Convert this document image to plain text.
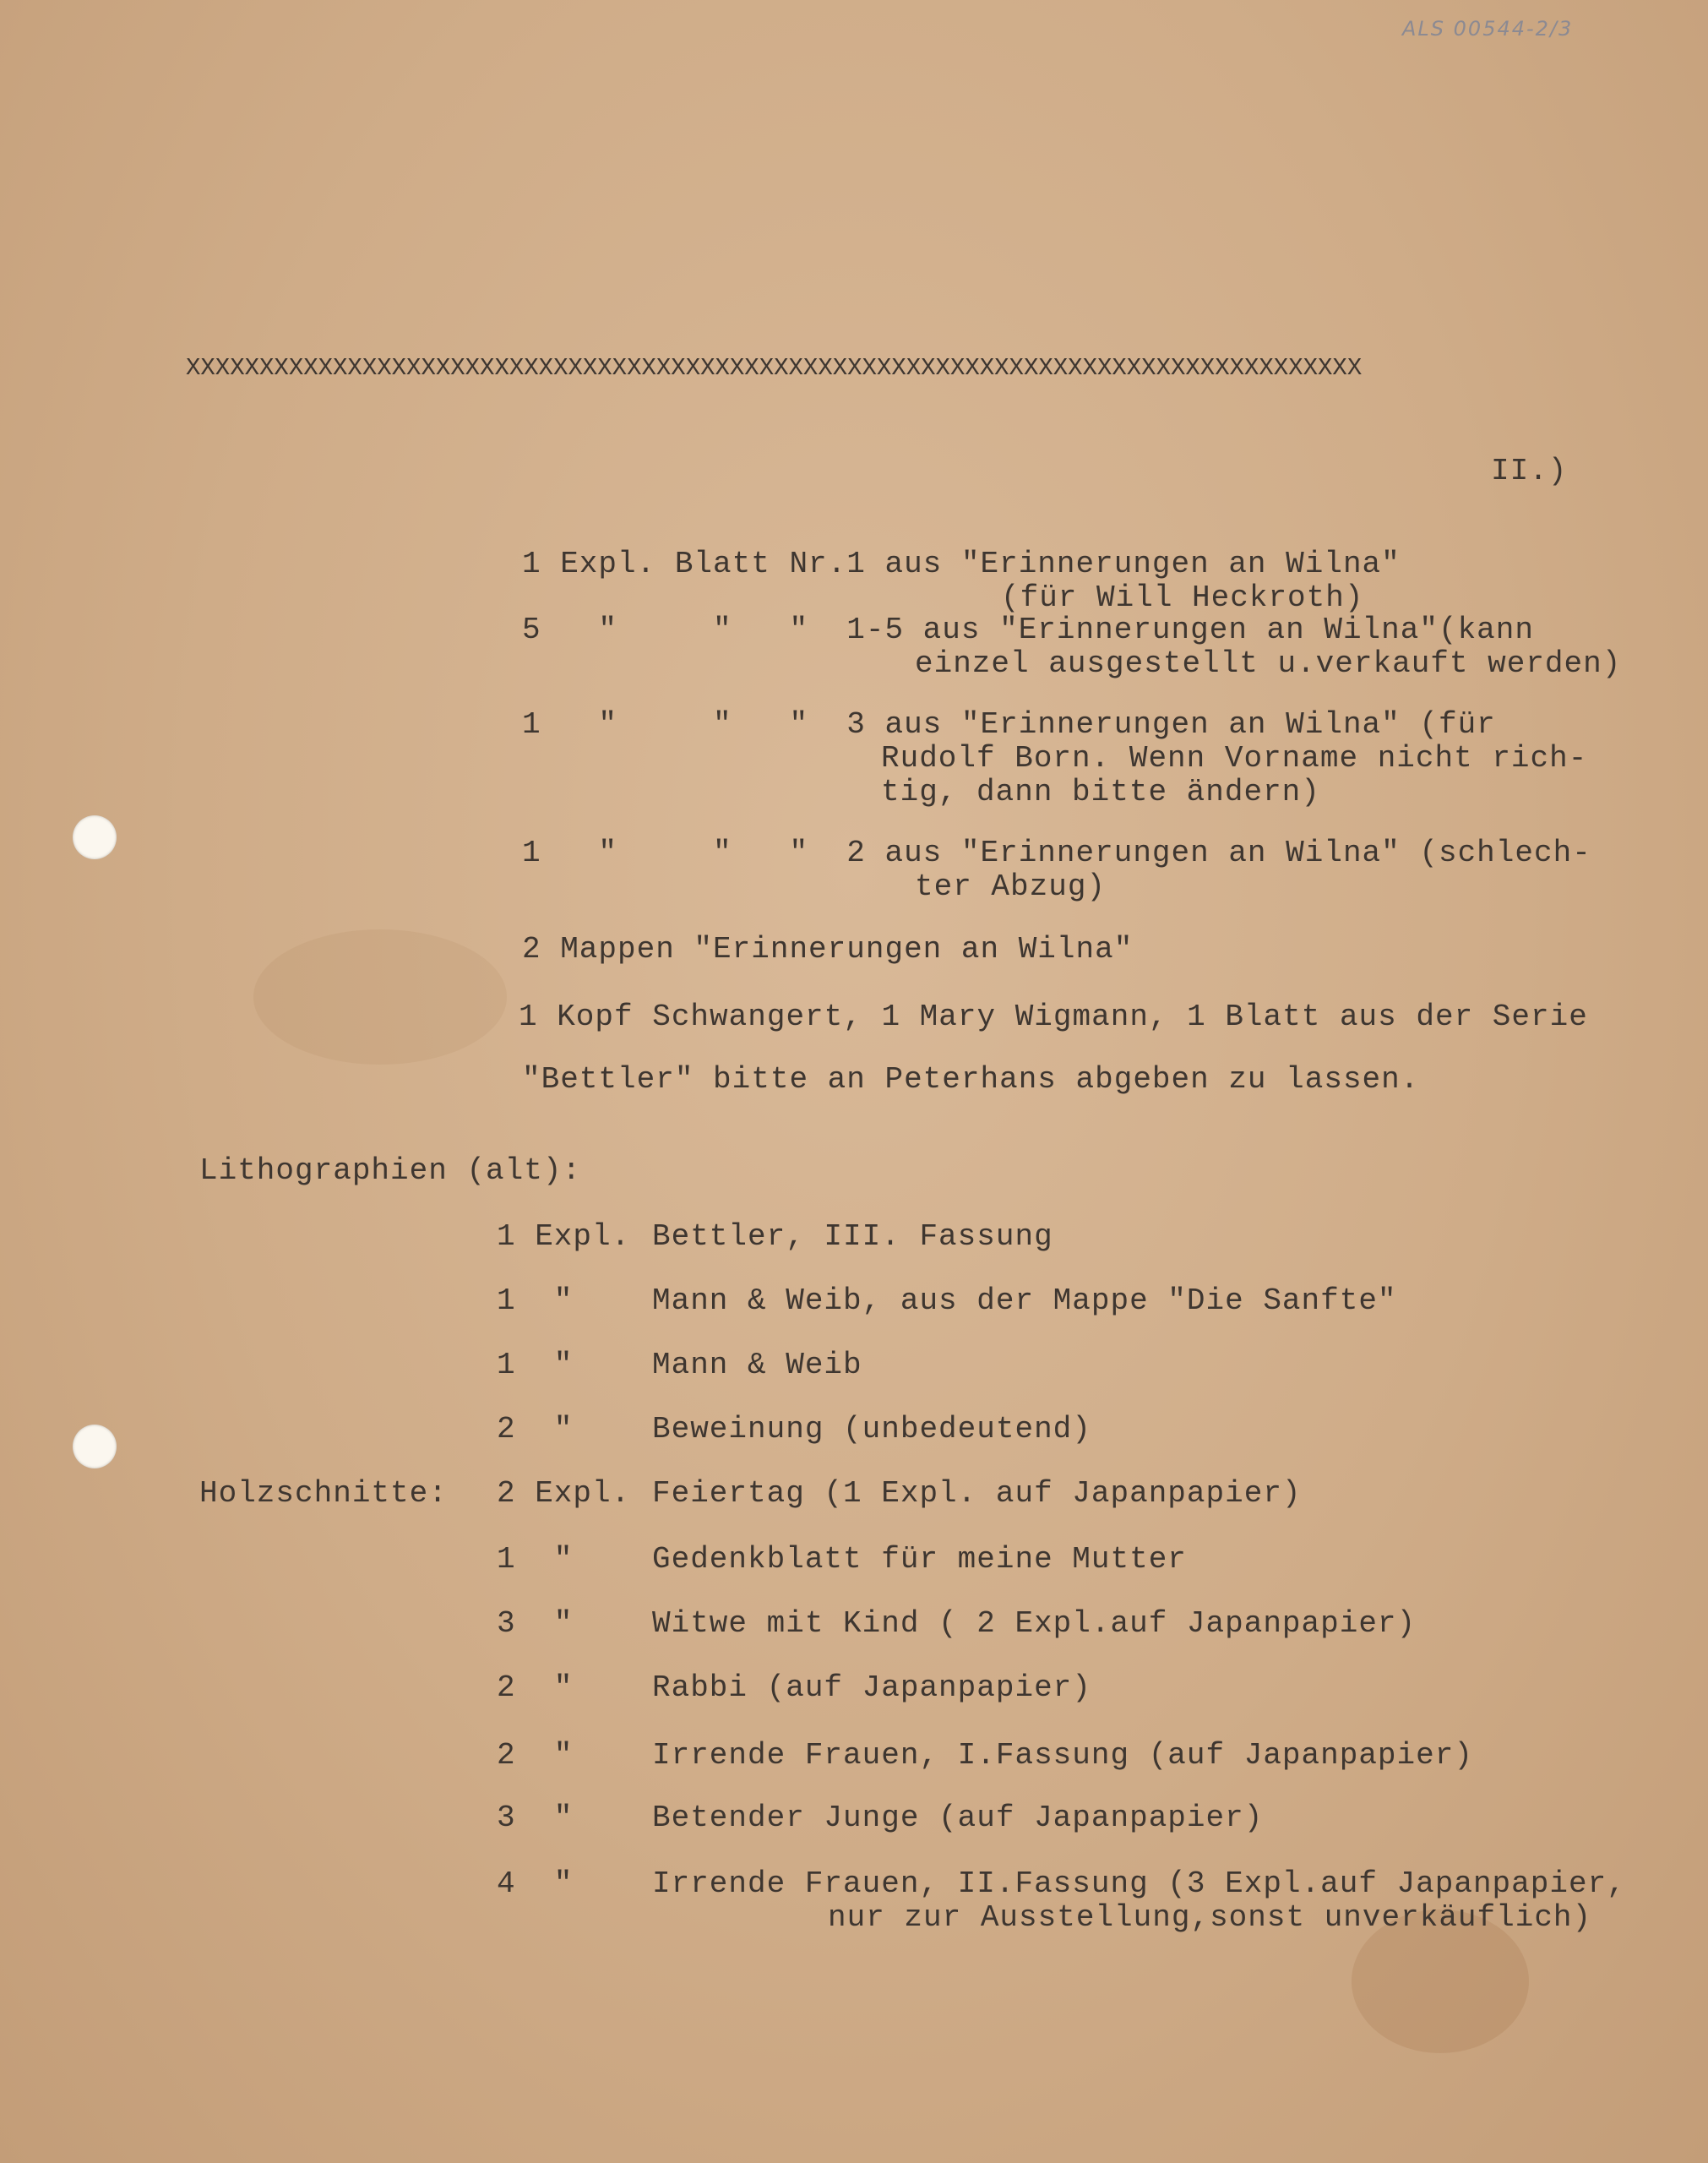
ALS 00544-2/3
XXXXXXXXXXXXXXXXXXXXXXXXXXXXXXXXXXXXXXXXXXXXXXXXXXXXXXXXXXXXXXXXXXXXXXXXXXXXXXXX
II.)
1 Expl. Blatt Nr.1 aus "Erinnerungen an Wilna"
(für Will Heckroth)
5   "     "   "  1-5 aus "Erinnerungen an Wilna"(kann
einzel ausgestellt u.verkauft werden)
1   "     "   "  3 aus "Erinnerungen an Wilna" (für
Rudolf Born. Wenn Vorname nicht rich-
tig, dann bitte ändern)
1   "     "   "  2 aus "Erinnerungen an Wilna" (schlech-
ter Abzug)
2 Mappen "Erinnerungen an Wilna"
1 Kopf Schwangert, 1 Mary Wigmann, 1 Blatt aus der Serie
"Bettler" bitte an Peterhans abgeben zu lassen.
Lithographien (alt):
1 Expl. Bettler, III. Fassung
1  "	Mann & Weib, aus der Mappe "Die Sanfte"
1  "	Mann & Weib
2  "	Beweinung (unbedeutend)
Holzschnitte: 2 Expl. Feiertag (1 Expl. auf Japanpapier)
1  "	Gedenkblatt für meine Mutter
3  "	Witwe mit Kind ( 2 Expl.auf Japanpapier)
2  "	Rabbi (auf Japanpapier)
2  "	Irrende Frauen, I.Fassung (auf Japanpapier)
3  "	Betender Junge (auf Japanpapier)
4  "	Irrende Frauen, II.Fassung (3 Expl.auf Japanpapier,
nur zur Ausstellung,sonst unverkäuflich)
